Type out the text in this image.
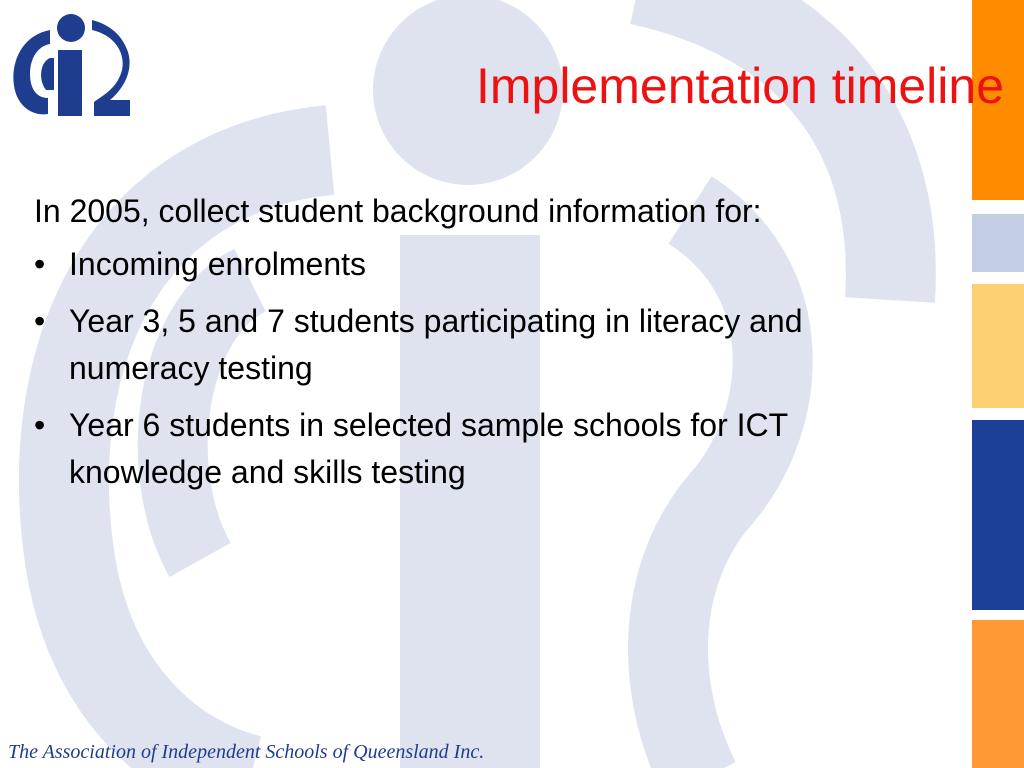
Implementation timeline

In 2005, collect student background information for:

• Incoming enrolments
• Year 3, 5 and 7 students participating in literacy and numeracy testing
• Year 6 students in selected sample schools for ICT knowledge and skills testing
The Association of Independent Schools of Queensland Inc.
